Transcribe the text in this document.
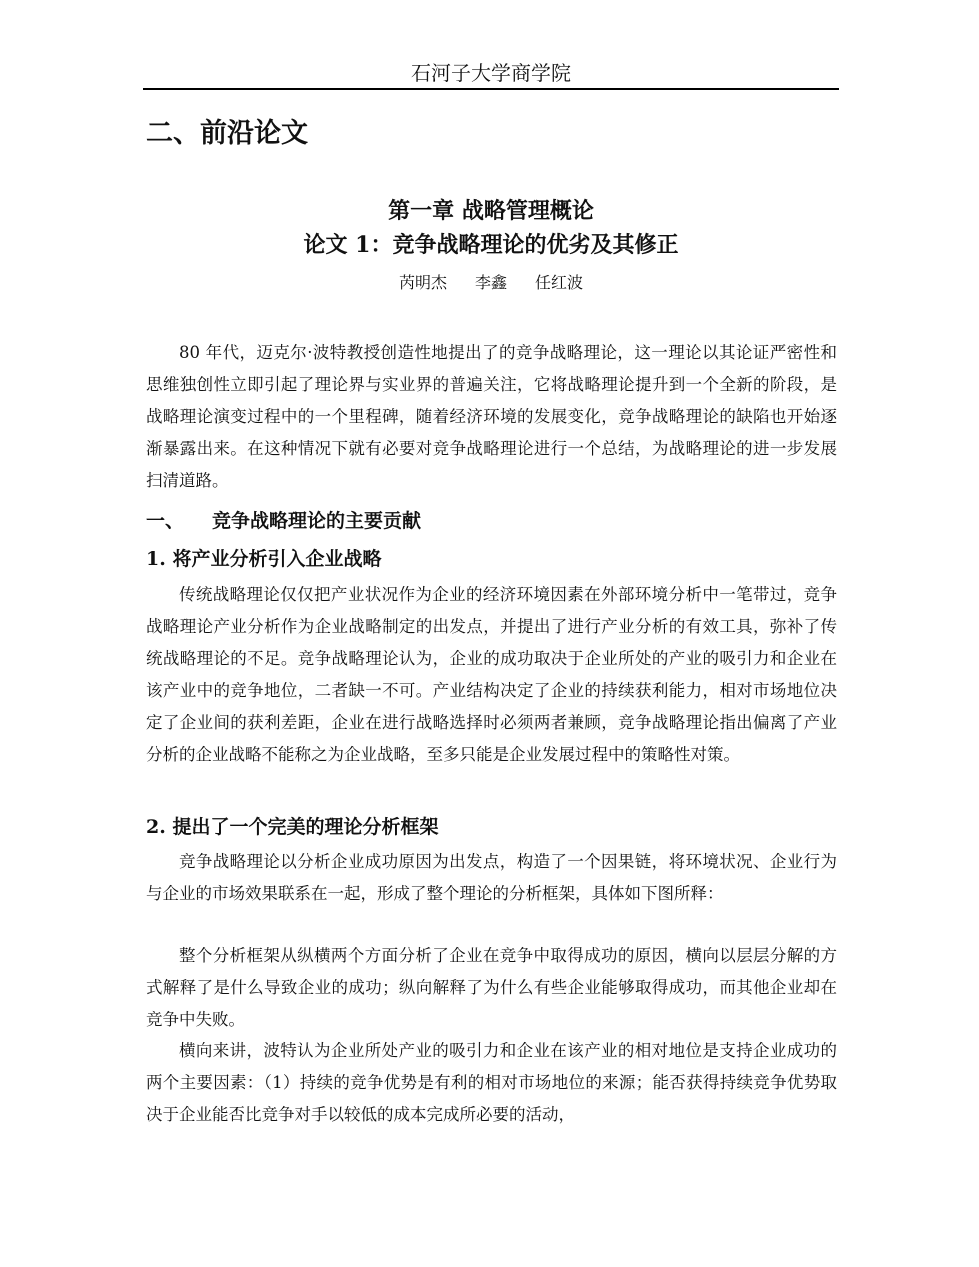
石河子大学商学院
二、前沿论文
第一章 战略管理概论
论文 1：竞争战略理论的优劣及其修正
芮明杰 李鑫 任红波

80 年代，迈克尔·波特教授创造性地提出了的竞争战略理论，这一理论以其论证严密性和思维独创性立即引起了理论界与实业界的普遍关注，它将战略理论提升到一个全新的阶段，是战略理论演变过程中的一个里程碑，随着经济环境的发展变化，竞争战略理论的缺陷也开始逐渐暴露出来。在这种情况下就有必要对竞争战略理论进行一个总结，为战略理论的进一步发展扫清道路。

一、 竞争战略理论的主要贡献
1. 将产业分析引入企业战略

传统战略理论仅仅把产业状况作为企业的经济环境因素在外部环境分析中一笔带过，竞争战略理论产业分析作为企业战略制定的出发点，并提出了进行产业分析的有效工具，弥补了传统战略理论的不足。竞争战略理论认为，企业的成功取决于企业所处的产业的吸引力和企业在该产业中的竞争地位，二者缺一不可。产业结构决定了企业的持续获利能力，相对市场地位决定了企业间的获利差距，企业在进行战略选择时必须两者兼顾，竞争战略理论指出偏离了产业分析的企业战略不能称之为企业战略，至多只能是企业发展过程中的策略性对策。

2. 提出了一个完美的理论分析框架

竞争战略理论以分析企业成功原因为出发点，构造了一个因果链，将环境状况、企业行为与企业的市场效果联系在一起，形成了整个理论的分析框架，具体如下图所释：

整个分析框架从纵横两个方面分析了企业在竞争中取得成功的原因，横向以层层分解的方式解释了是什么导致企业的成功；纵向解释了为什么有些企业能够取得成功，而其他企业却在竞争中失败。

横向来讲，波特认为企业所处产业的吸引力和企业在该产业的相对地位是支持企业成功的两个主要因素：（1）持续的竞争优势是有利的相对市场地位的来源；能否获得持续竞争优势取决于企业能否比竞争对手以较低的成本完成所必要的活动，
